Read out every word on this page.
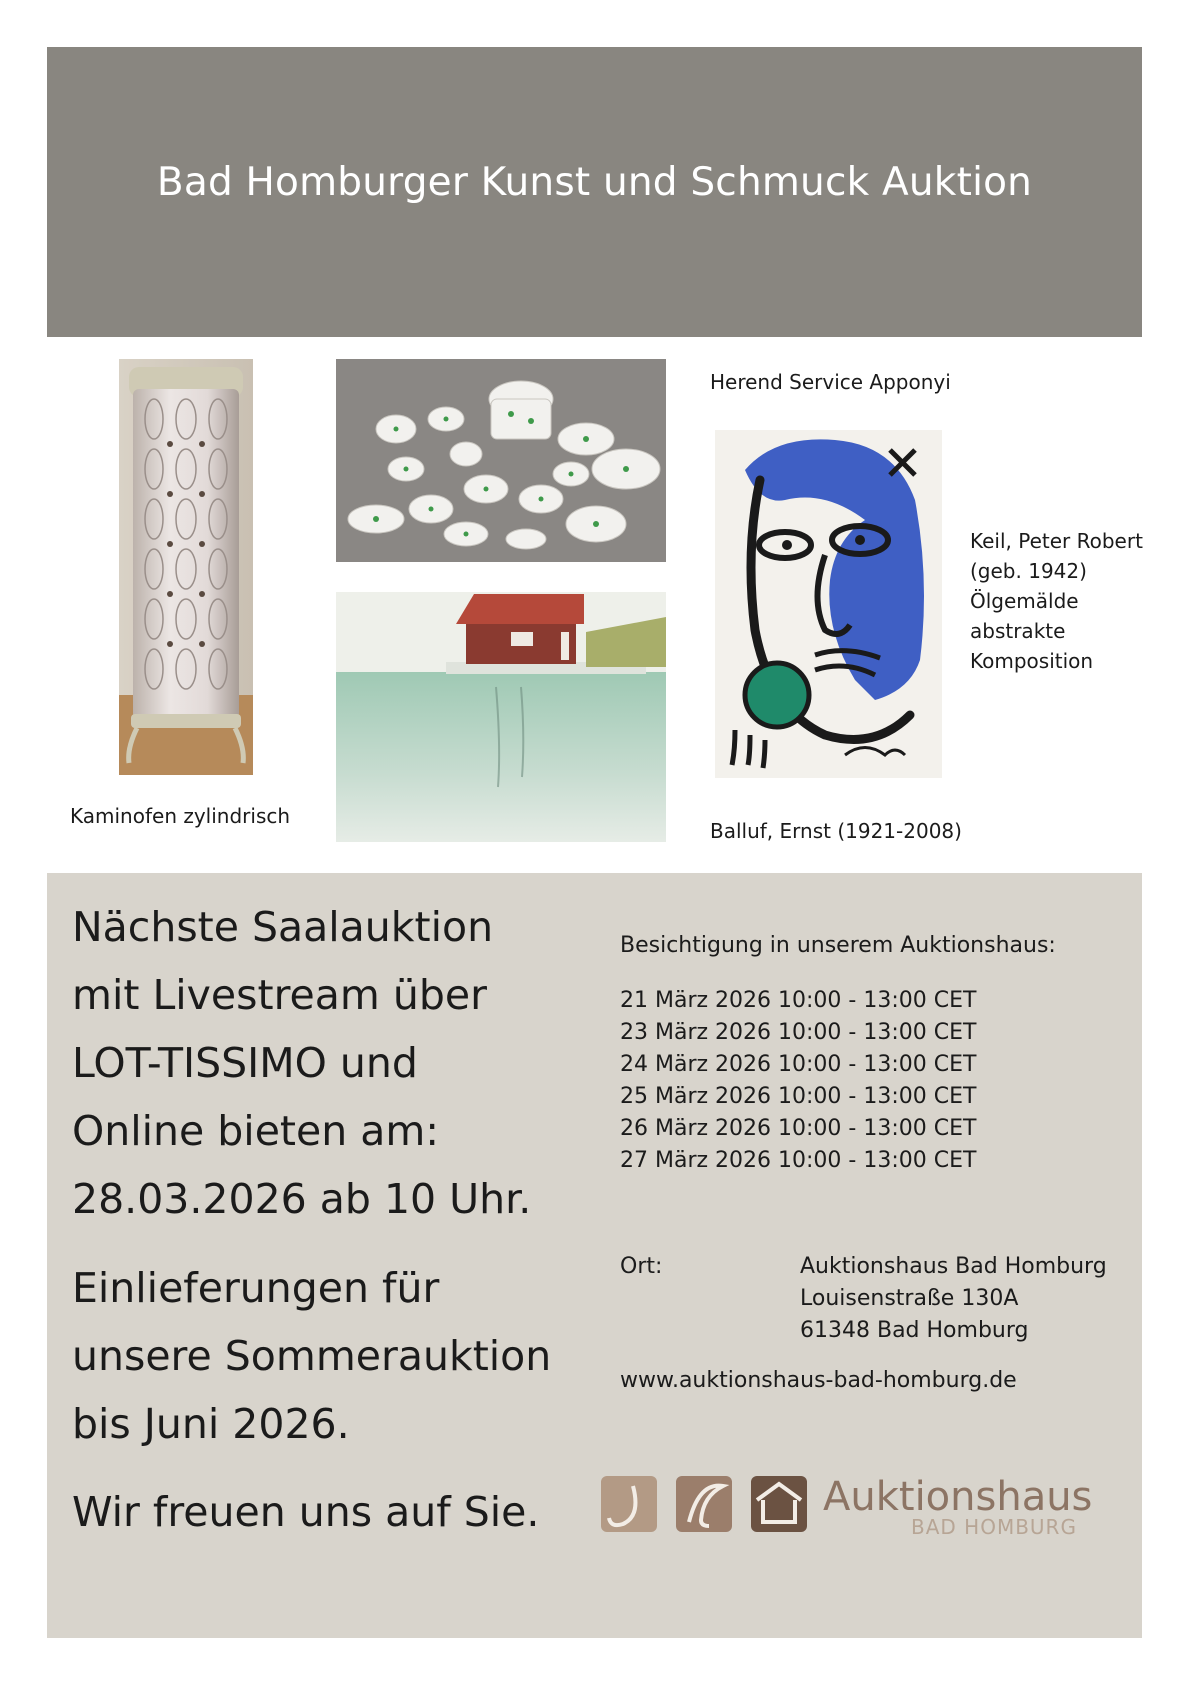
Bad Homburger Kunst und Schmuck Auktion
Kaminofen zylindrisch
Herend Service Apponyi
Balluf, Ernst (1921-2008)
Keil, Peter Robert
(geb. 1942)
Ölgemälde
abstrakte
Komposition
Nächste Saalauktion
mit Livestream über
LOT-TISSIMO und
Online bieten am:
28.03.2026 ab 10 Uhr.
Einlieferungen für
unsere Sommerauktion
bis Juni 2026.
Wir freuen uns auf Sie.
Besichtigung in unserem Auktionshaus:
21 März 2026 10:00 - 13:00 CET
23 März 2026 10:00 - 13:00 CET
24 März 2026 10:00 - 13:00 CET
25 März 2026 10:00 - 13:00 CET
26 März 2026 10:00 - 13:00 CET
27 März 2026 10:00 - 13:00 CET
Ort:	Auktionshaus Bad Homburg
Louisenstraße 130A
61348 Bad Homburg
www.auktionshaus-bad-homburg.de
Auktionshaus
BAD HOMBURG
